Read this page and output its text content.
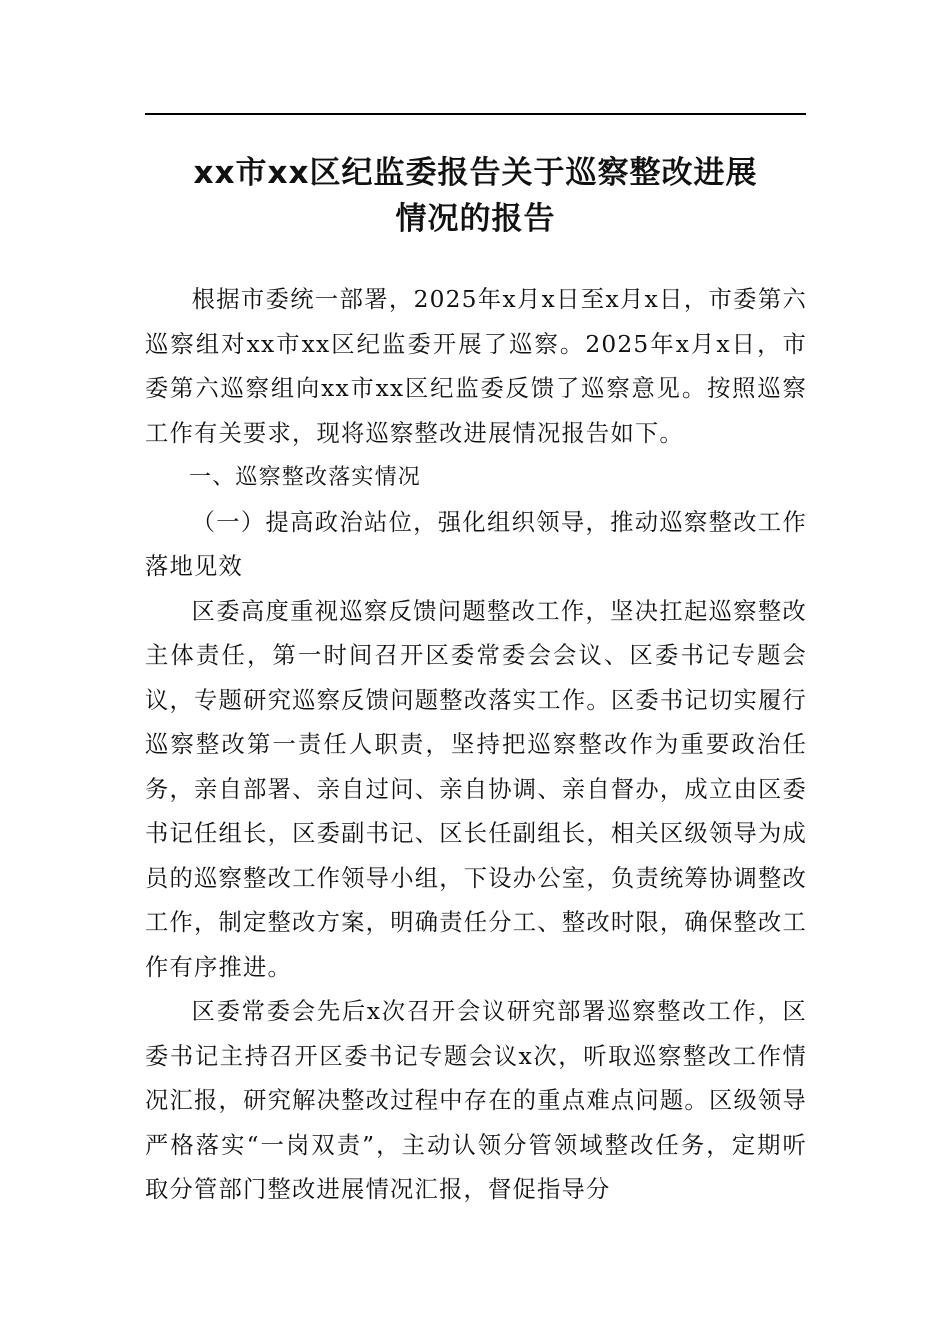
xx市xx区纪监委报告关于巡察整改进展
情况的报告

根据市委统一部署，2025年x月x日至x月x日，市委第六巡察组对xx市xx区纪监委开展了巡察。2025年x月x日，市委第六巡察组向xx市xx区纪监委反馈了巡察意见。按照巡察工作有关要求，现将巡察整改进展情况报告如下。

一、巡察整改落实情况

（一）提高政治站位，强化组织领导，推动巡察整改工作落地见效

区委高度重视巡察反馈问题整改工作，坚决扛起巡察整改主体责任，第一时间召开区委常委会会议、区委书记专题会议，专题研究巡察反馈问题整改落实工作。区委书记切实履行巡察整改第一责任人职责，坚持把巡察整改作为重要政治任务，亲自部署、亲自过问、亲自协调、亲自督办，成立由区委书记任组长，区委副书记、区长任副组长，相关区级领导为成员的巡察整改工作领导小组，下设办公室，负责统筹协调整改工作，制定整改方案，明确责任分工、整改时限，确保整改工作有序推进。

区委常委会先后x次召开会议研究部署巡察整改工作，区委书记主持召开区委书记专题会议x次，听取巡察整改工作情况汇报，研究解决整改过程中存在的重点难点问题。区级领导严格落实“一岗双责”，主动认领分管领域整改任务，定期听取分管部门整改进展情况汇报，督促指导分
